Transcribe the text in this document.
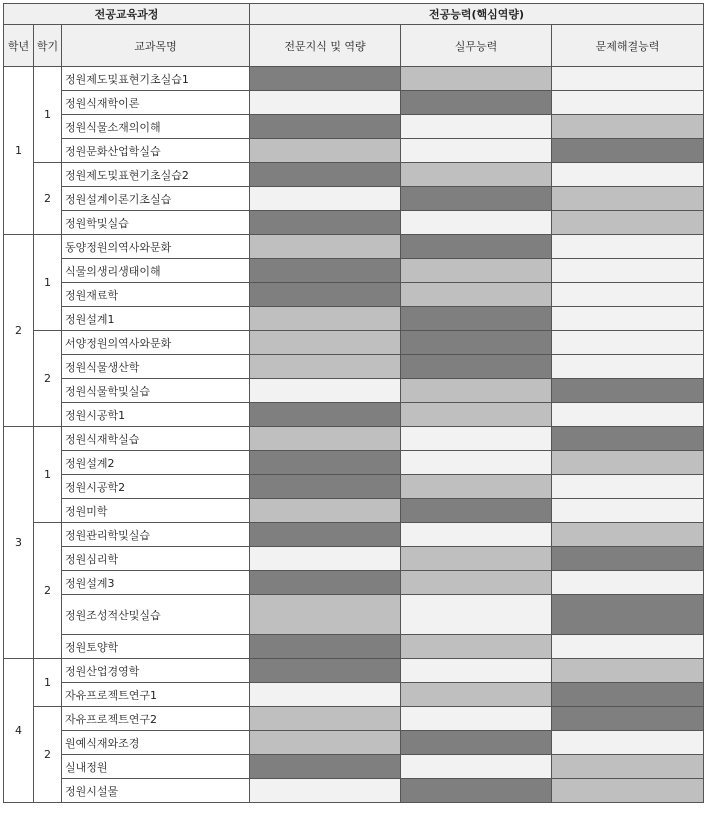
전공교육과정			전공능력(핵심역량)		
학년	학기	교과목명	전문지식 및 역량	실무능력	문제해결능력
1	1	정원제도및표현기초실습1			
		정원식재학이론			
		정원식물소재의이해			
		정원문화산업학실습			
	2	정원제도및표현기초실습2			
		정원설계이론기초실습			
		정원학및실습			
2	1	동양정원의역사와문화			
		식물의생리생태이해			
		정원재료학			
		정원설계1			
	2	서양정원의역사와문화			
		정원식물생산학			
		정원식물학및실습			
		정원시공학1			
3	1	정원식재학실습			
		정원설계2			
		정원시공학2			
		정원미학			
	2	정원관리학및실습			
		정원심리학			
		정원설계3			
		정원조성적산및실습			
		정원토양학			
4	1	정원산업경영학			
		자유프로젝트연구1			
	2	자유프로젝트연구2			
		원예식재와조경			
		실내정원			
		정원시설물			
